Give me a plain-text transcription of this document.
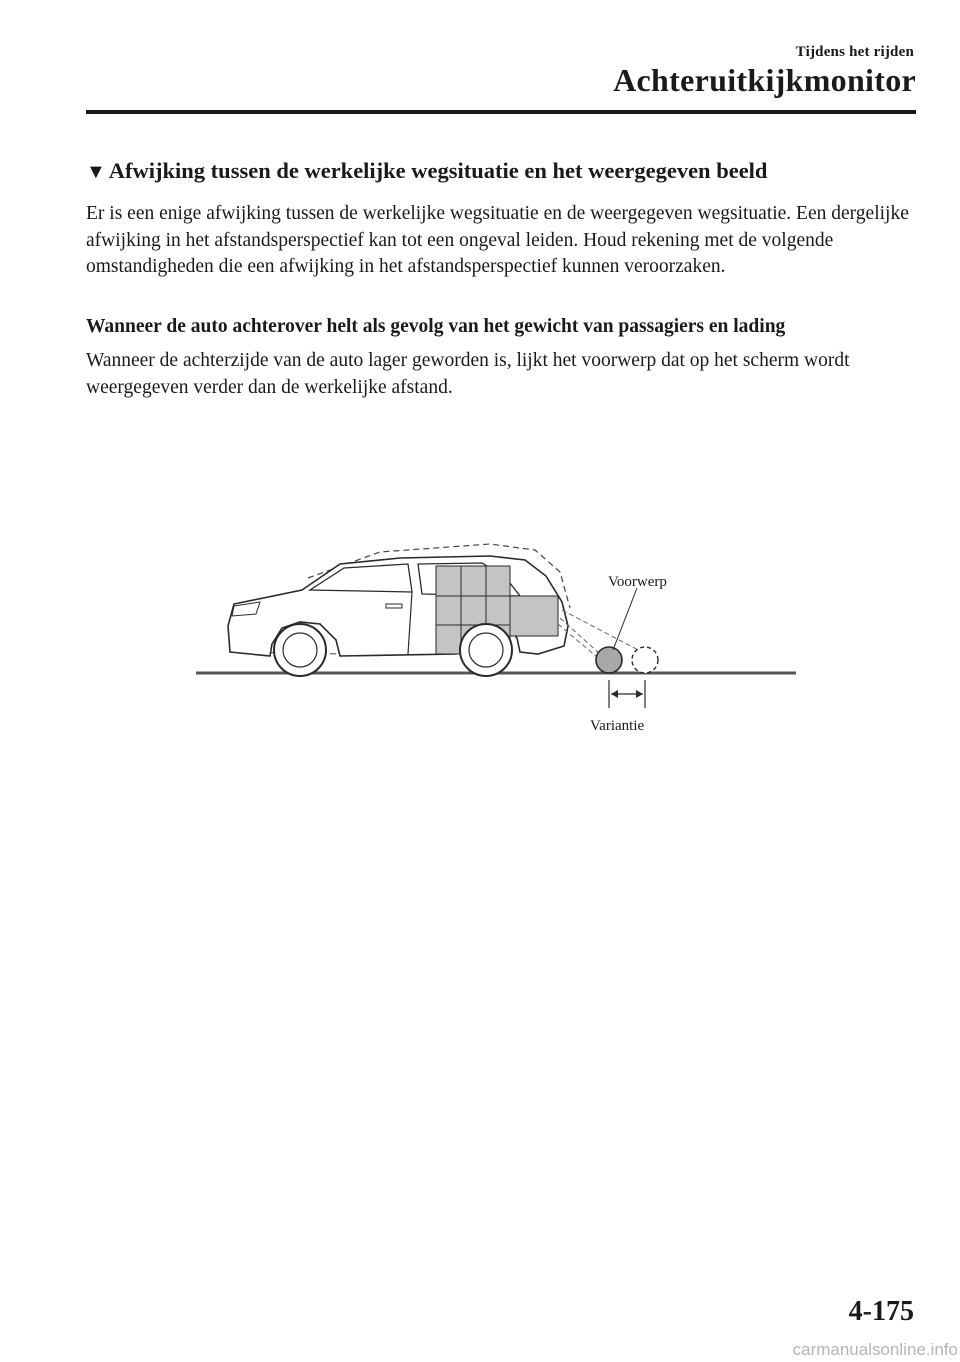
Tijdens het rijden
Achteruitkijkmonitor
▼ Afwijking tussen de werkelijke wegsituatie en het weergegeven beeld

Er is een enige afwijking tussen de werkelijke wegsituatie en de weergegeven wegsituatie. Een dergelijke afwijking in het afstandsperspectief kan tot een ongeval leiden. Houd rekening met de volgende omstandigheden die een afwijking in het afstandsperspectief kunnen veroorzaken.

Wanneer de auto achterover helt als gevolg van het gewicht van passagiers en lading

Wanneer de achterzijde van de auto lager geworden is, lijkt het voorwerp dat op het scherm wordt weergegeven verder dan de werkelijke afstand.

Voorwerp
Variantie
4-175
carmanualsonline.info
